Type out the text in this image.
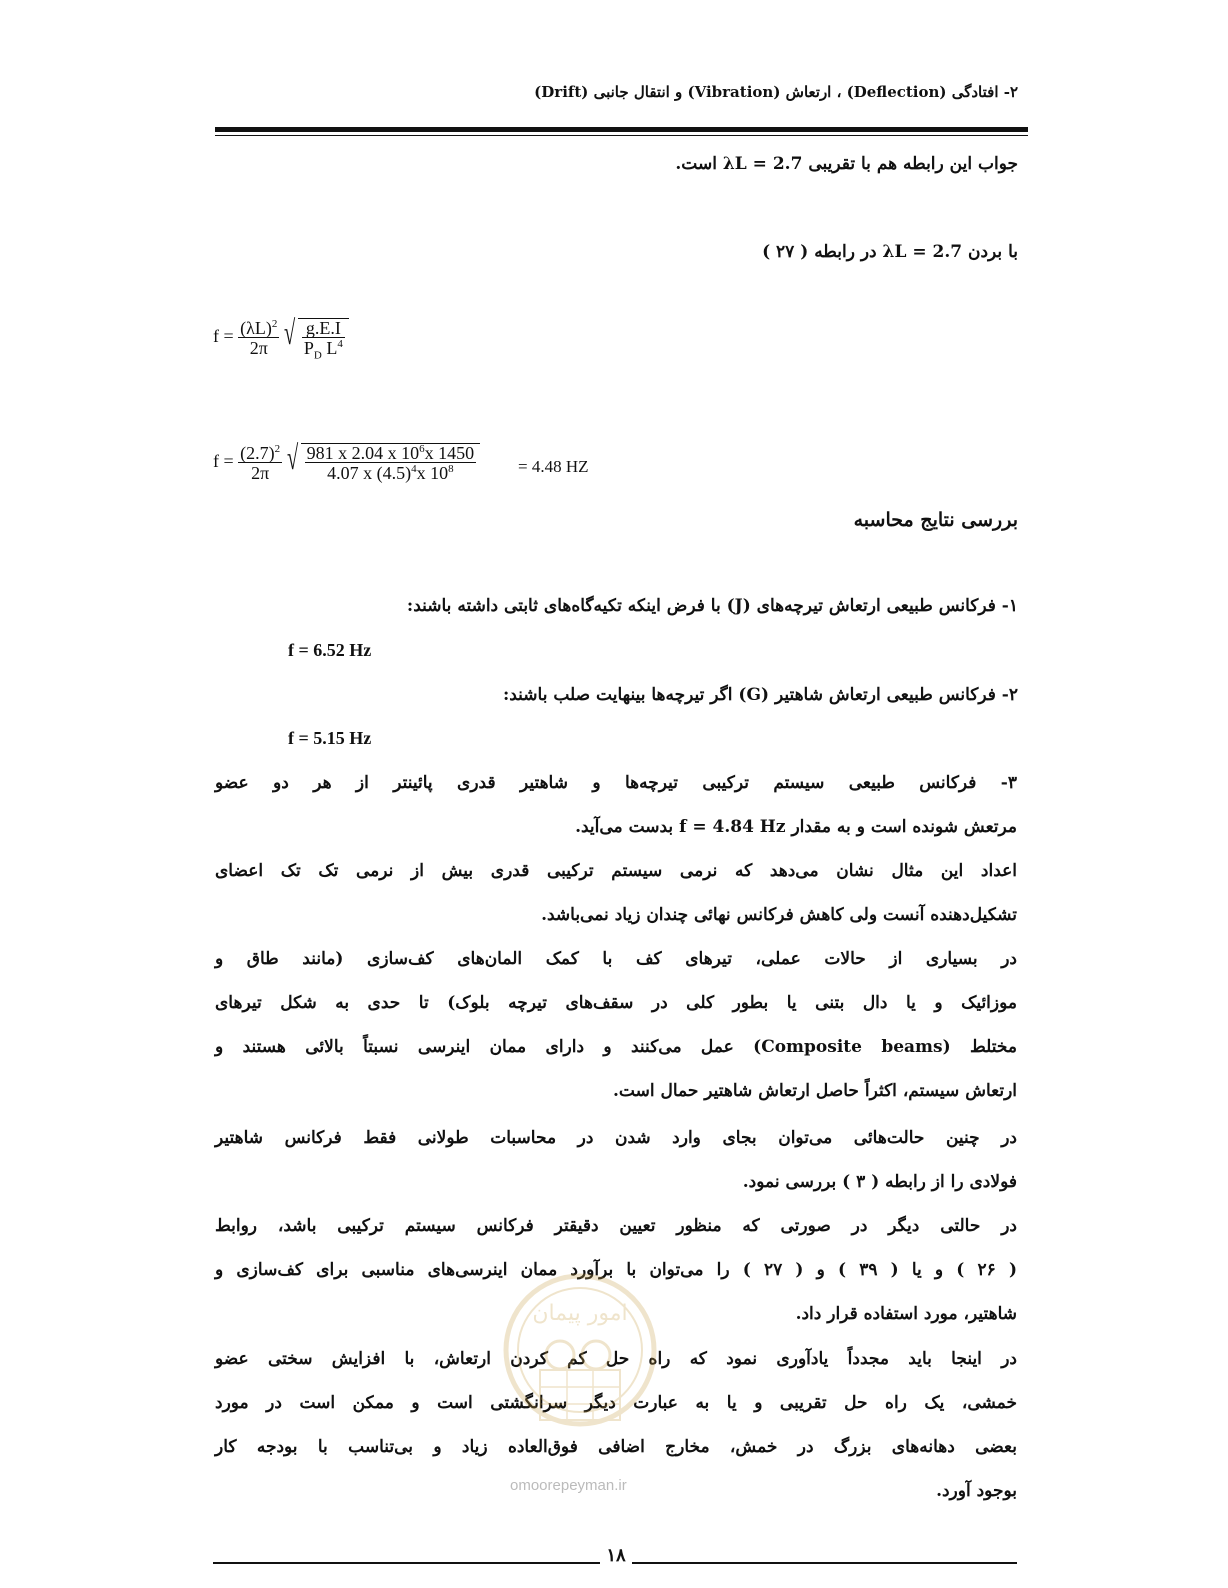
۲- افتادگی (Deflection) ، ارتعاش (Vibration) و انتقال جانبی (Drift)
جواب این رابطه هم با تقریبی λL = 2.7 است.
با بردن λL = 2.7 در رابطه ( ۲۷ )
$f = \frac{(\lambda L)^2}{2\pi}$
√ $\frac{g.E.I}{P_D L^4}$
$f = \frac{(2.7)^2}{2\pi}$
√ $\frac{981 x 2.04 x 10^6x 1450}{4.07 x (4.5)^4x 10^8} = 4.48$ HZ
بررسی نتایج محاسبه
۱- فرکانس طبیعی ارتعاش تیرچه‌های (J) با فرض اینکه تکیه‌گاه‌های ثابتی داشته باشند:
f = 6.52 Hz
۲- فرکانس طبیعی ارتعاش شاهتیر (G) اگر تیرچه‌ها بینهایت صلب باشند:
f = 5.15 Hz
۳- فرکانس طبیعی سیستم ترکیبی تیرچه‌ها و شاهتیر قدری پائینتر از هر دو عضو
مرتعش شونده است و به مقدار f = 4.84 Hz بدست می‌آید.
اعداد این مثال نشان می‌دهد که نرمی سیستم ترکیبی قدری بیش از نرمی تک تک اعضای
تشکیل‌دهنده آنست ولی کاهش فرکانس نهائی چندان زیاد نمی‌باشد.
در بسیاری از حالات عملی، تیرهای کف با کمک المان‌های کف‌سازی (مانند طاق و
موزائیک و یا دال بتنی یا بطور کلی در سقف‌های تیرچه بلوک) تا حدی به شکل تیرهای
مختلط (Composite beams) عمل می‌کنند و دارای ممان اینرسی نسبتاً بالائی هستند و
ارتعاش سیستم، اکثراً حاصل ارتعاش شاهتیر حمال است.
در چنین حالت‌هائی می‌توان بجای وارد شدن در محاسبات طولانی فقط فرکانس شاهتیر
فولادی را از رابطه ( ۳ ) بررسی نمود.
در حالتی دیگر در صورتی که منظور تعیین دقیقتر فرکانس سیستم ترکیبی باشد، روابط
( ۲۶ ) و یا ( ۳۹ ) و ( ۲۷ ) را می‌توان با برآورد ممان اینرسی‌های مناسبی برای کف‌سازی و
شاهتیر، مورد استفاده قرار داد.
در اینجا باید مجدداً یادآوری نمود که راه حل کم کردن ارتعاش، با افزایش سختی عضو
خمشی، یک راه حل تقریبی و یا به عبارت دیگر سرانگشتی است و ممکن است در مورد
بعضی دهانه‌های بزرگ در خمش، مخارج اضافی فوق‌العاده زیاد و بی‌تناسب با بودجه کار
بوجود آورد.
امور پیمان
omoorepeyman.ir
۱۸
